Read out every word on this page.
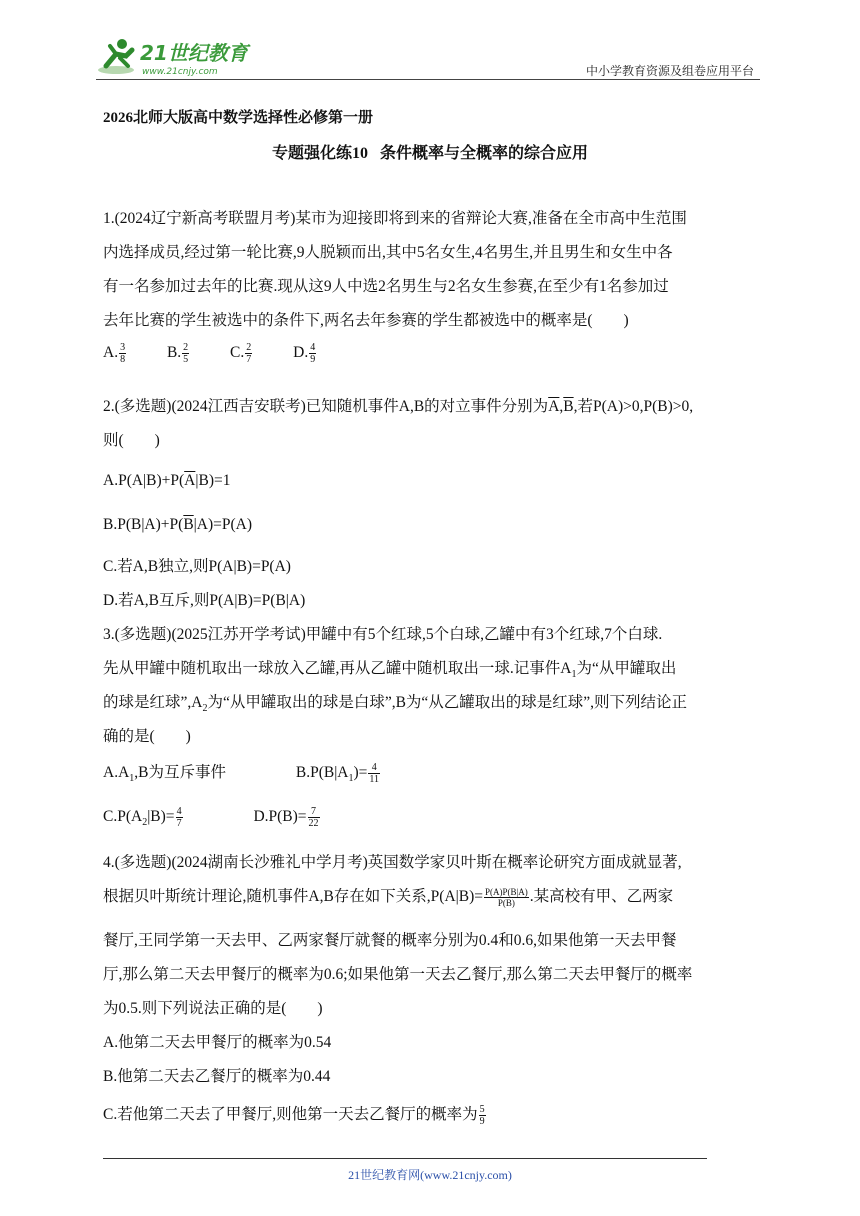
21世纪教育
www.21cnjy.com	中小学教育资源及组卷应用平台
2026北师大版高中数学选择性必修第一册
专题强化练10 条件概率与全概率的综合应用
1.(2024辽宁新高考联盟月考)某市为迎接即将到来的省辩论大赛,准备在全市高中生范围
内选择成员,经过第一轮比赛,9人脱颖而出,其中5名女生,4名男生,并且男生和女生中各
有一名参加过去年的比赛.现从这9人中选2名男生与2名女生参赛,在至少有1名参加过
去年比赛的学生被选中的条件下,两名去年参赛的学生都被选中的概率是(　　)
A. $\frac{3}{8}$	B. $\frac{2}{5}$	C. $\frac{2}{7}$	D. $\frac{4}{9}$
2.(多选题)(2024江西吉安联考)已知随机事件A,B的对立事件分别为$\overline{A},\overline{B}$,若P(A)>0,P(B)>0,
则(　　)
$A.P(A|B)+P(\overline{A}|B)=1$
$B.P(B|A)+P(\overline{B}|A)=P(A)$
C.若A,B独立,则P(A|B)=P(A)
D.若A,B互斥,则P(A|B)=P(B|A)
3.(多选题)(2025江苏开学考试)甲罐中有5个红球,5个白球,乙罐中有3个红球,7个白球.
先从甲罐中随机取出一球放入乙罐,再从乙罐中随机取出一球.记事件$A_1$为“从甲罐取出
的球是红球$”,A_2$为“从甲罐取出的球是白球”,B为“从乙罐取出的球是红球”,则下列结论正
确的是(　　)
$A.A_1,B$为互斥事件	$B.P(B|A_1)= \frac{4}{11}$
$C.P(A_2|B)= \frac{4}{7}$	$D.P(B)= \frac{7}{22}$
4.(多选题)(2024湖南长沙雅礼中学月考)英国数学家贝叶斯在概率论研究方面成就显著,
根据贝叶斯统计理论,随机事件A,B存在如下关系$,P(A|B)= \frac{P(A)P(B|A)}{P(B)}$ .某高校有甲、乙两家
餐厅,王同学第一天去甲、乙两家餐厅就餐的概率分别为0.4和0.6,如果他第一天去甲餐
厅,那么第二天去甲餐厅的概率为0.6;如果他第一天去乙餐厅,那么第二天去甲餐厅的概率
为0.5.则下列说法正确的是(　　)
A.他第二天去甲餐厅的概率为0.54
B.他第二天去乙餐厅的概率为0.44
C.若他第二天去了甲餐厅,则他第一天去乙餐厅的概率为 $\frac{5}{9}$
21世纪教育网(www.21cnjy.com)
